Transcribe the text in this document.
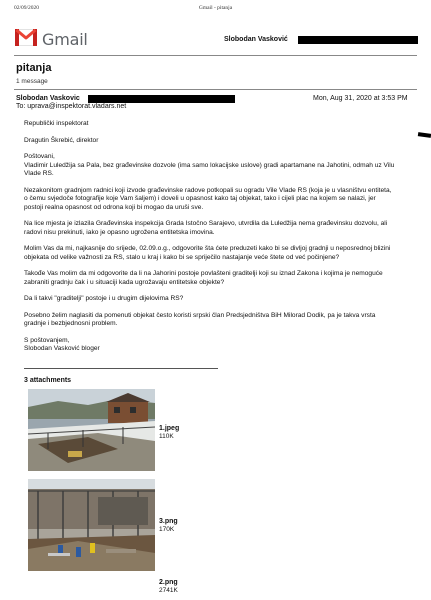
02/09/2020	Gmail - pitanja
Gmail	Slobodan Vasković
pitanja
1 message
Slobodan Vaskovic	Mon, Aug 31, 2020 at 3:53 PM
To: uprava@inspektorat.vladars.net

Republički inspektorat

Dragutin Škrebić, direktor

Poštovani,
Vladimir Luledžija sa Pala, bez građevinske dozvole (ima samo lokacijske uslove) gradi apartamane na Jahotini, odmah uz Vilu Vlade RS.

Nezakonitom gradnjom radnici koji izvode građevinske radove potkopali su ogradu Vile Vlade RS (koja je u vlasništvu entiteta, o čemu svjedoče fotografije koje Vam šaljem) i doveli u opasnost kako taj objekat, tako i cijeli plac na kojem se nalazi, jer postoji realna opasnost od odrona koji bi mogao da uruši sve.

Na lice mjesta je izlazila Građevinska inspekcija Grada Istočno Sarajevo, utvrdila da Luledžija nema građevinsku dozvolu, ali radovi nisu prekinuti, iako je opasno ugrožena entitetska imovina.

Molim Vas da mi, najkasnije do srijede, 02.09.o.g., odgovorite šta ćete preduzeti kako bi se divljoj gradnji u neposrednoj blizini objekata od velike važnosti za RS, stalo u kraj i kako bi se spriječilo nastajanje veće štete od već počinjene?

Takođe Vas molim da mi odgovorite da li na Jahorini postoje povlašteni graditelji koji su iznad Zakona i kojima je nemoguće zabraniti gradnju čak i u situaciji kada ugrožavaju entitetske objekte?

Da li takvi "graditelji" postoje i u drugim dijelovima RS?

Posebno želim naglasiti da pomenuti objekat često koristi srpski član Predsjedništva BiH Milorad Dodik, pa je takva vrsta gradnje i bezbjednosni problem.

S poštovanjem,
Slobodan Vasković bloger

3 attachments
1.jpeg
110K
3.png
170K
2.png
2741K
